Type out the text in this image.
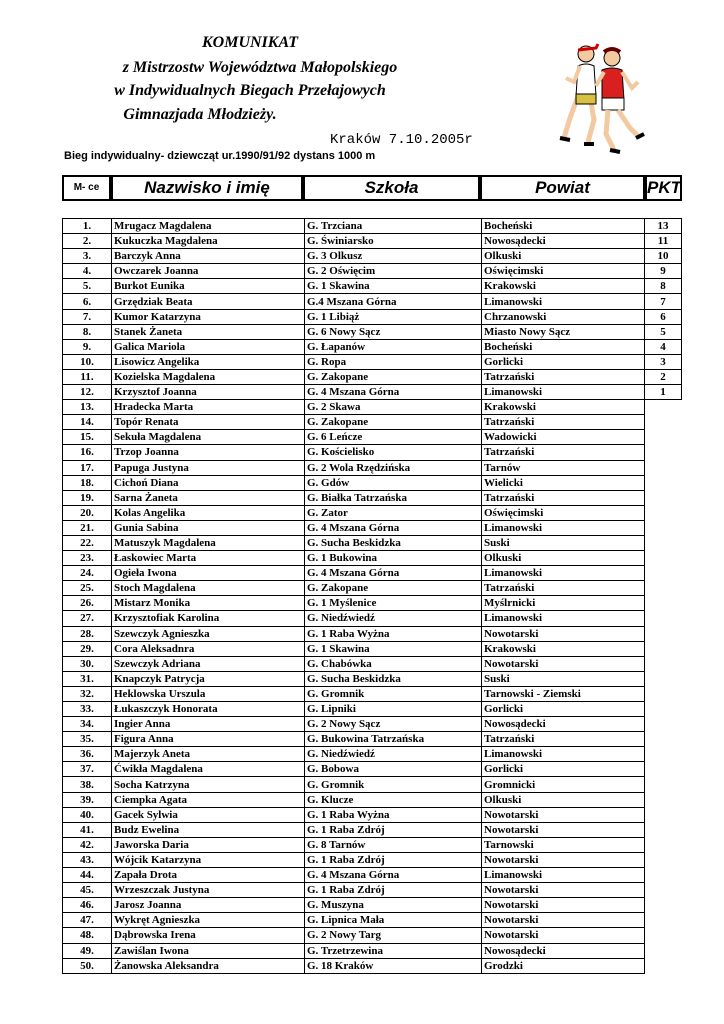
KOMUNIKAT
z Mistrzostw Województwa Małopolskiego
w Indywidualnych Biegach Przełajowych
Gimnazjada Młodzieży.
Kraków 7.10.2005r
Bieg indywidualny- dziewcząt ur.1990/91/92 dystans 1000 m
M- ce	Nazwisko i imię	Szkoła	Powiat	PKT
1.	Mrugacz Magdalena	G. Trzciana	Bocheński	13
2.	Kukuczka Magdalena	G. Świniarsko	Nowosądecki	11
3.	Barczyk Anna	G. 3 Olkusz	Olkuski	10
4.	Owczarek Joanna	G. 2 Oświęcim	Oświęcimski	9
5.	Burkot Eunika	G. 1 Skawina	Krakowski	8
6.	Grzędziak Beata	G.4 Mszana Górna	Limanowski	7
7.	Kumor Katarzyna	G. 1 Libiąż	Chrzanowski	6
8.	Stanek Żaneta	G. 6 Nowy Sącz	Miasto Nowy Sącz	5
9.	Galica Mariola	G. Łapanów	Bocheński	4
10.	Lisowicz Angelika	G. Ropa	Gorlicki	3
11.	Kozielska Magdalena	G. Zakopane	Tatrzański	2
12.	Krzysztof Joanna	G. 4 Mszana Górna	Limanowski	1
13.	Hradecka Marta	G. 2 Skawa	Krakowski	
14.	Topór Renata	G. Zakopane	Tatrzański	
15.	Sekuła Magdalena	G. 6 Leńcze	Wadowicki	
16.	Trzop Joanna	G. Kościelisko	Tatrzański	
17.	Papuga Justyna	G. 2 Wola Rzędzińska	Tarnów	
18.	Cichoń Diana	G. Gdów	Wielicki	
19.	Sarna Żaneta	G. Białka Tatrzańska	Tatrzański	
20.	Kolas Angelika	G. Zator	Oświęcimski	
21.	Gunia Sabina	G. 4 Mszana Górna	Limanowski	
22.	Matuszyk Magdalena	G. Sucha Beskidzka	Suski	
23.	Łaskowiec Marta	G. 1 Bukowina	Olkuski	
24.	Ogieła Iwona	G. 4 Mszana Górna	Limanowski	
25.	Stoch Magdalena	G. Zakopane	Tatrzański	
26.	Mistarz Monika	G. 1 Myślenice	Myślrnicki	
27.	Krzysztofiak Karolina	G. Niedźwiedź	Limanowski	
28.	Szewczyk Agnieszka	G. 1 Raba Wyżna	Nowotarski	
29.	Cora Aleksadnra	G. 1 Skawina	Krakowski	
30.	Szewczyk Adriana	G. Chabówka	Nowotarski	
31.	Knapczyk Patrycja	G. Sucha Beskidzka	Suski	
32.	Heklowska Urszula	G. Gromnik	Tarnowski - Ziemski	
33.	Łukaszczyk Honorata	G. Lipniki	Gorlicki	
34.	Ingier Anna	G. 2 Nowy Sącz	Nowosądecki	
35.	Figura Anna	G. Bukowina Tatrzańska	Tatrzański	
36.	Majerzyk Aneta	G. Niedźwiedź	Limanowski	
37.	Ćwikła Magdalena	G. Bobowa	Gorlicki	
38.	Socha Katrzyna	G. Gromnik	Gromnicki	
39.	Ciempka Agata	G. Klucze	Olkuski	
40.	Gacek Sylwia	G. 1 Raba Wyżna	Nowotarski	
41.	Budz Ewelina	G. 1 Raba Zdrój	Nowotarski	
42.	Jaworska Daria	G. 8 Tarnów	Tarnowski	
43.	Wójcik Katarzyna	G. 1 Raba Zdrój	Nowotarski	
44.	Zapała Drota	G. 4 Mszana Górna	Limanowski	
45.	Wrzeszczak Justyna	G. 1 Raba Zdrój	Nowotarski	
46.	Jarosz Joanna	G. Muszyna	Nowotarski	
47.	Wykręt Agnieszka	G. Lipnica Mała	Nowotarski	
48.	Dąbrowska Irena	G. 2 Nowy Targ	Nowotarski	
49.	Zawiślan Iwona	G. Trzetrzewina	Nowosądecki	
50.	Żanowska Aleksandra	G. 18 Kraków	Grodzki	
